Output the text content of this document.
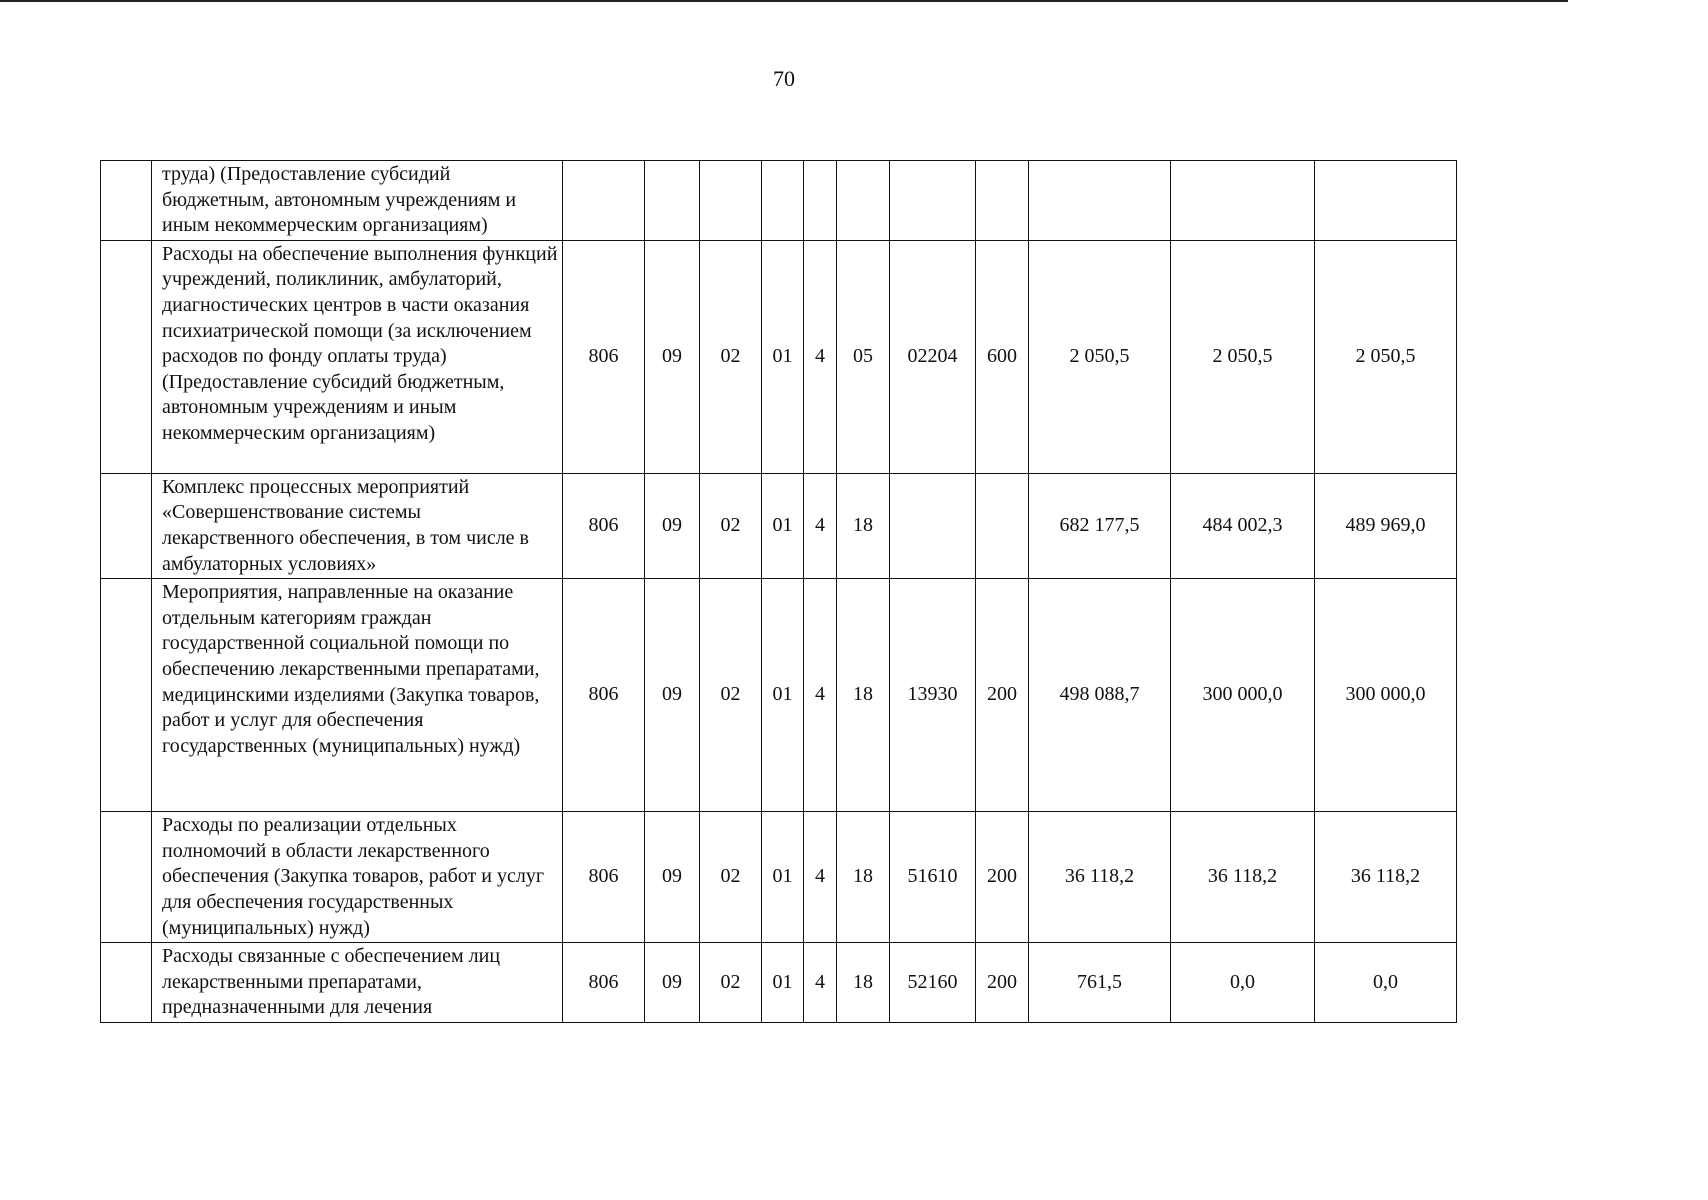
70
	труда) (Предоставление субсидий бюджетным, автономным учреждениям и иным некоммерческим организациям)											
	Расходы на обеспечение выполнения функций учреждений, поликлиник, амбулаторий, диагностических центров в части оказания психиатрической помощи (за исключением расходов по фонду оплаты труда) (Предоставление субсидий бюджетным, автономным учреждениям и иным некоммерческим организациям)	806	09	02	01	4	05	02204	600	2 050,5	2 050,5	2 050,5
	Комплекс процессных мероприятий «Совершенствование системы лекарственного обеспечения, в том числе в амбулаторных условиях»	806	09	02	01	4	18			682 177,5	484 002,3	489 969,0
	Мероприятия, направленные на оказание отдельным категориям граждан государственной социальной помощи по обеспечению лекарственными препаратами, медицинскими изделиями (Закупка товаров, работ и услуг для обеспечения государственных (муниципальных) нужд)	806	09	02	01	4	18	13930	200	498 088,7	300 000,0	300 000,0
	Расходы по реализации отдельных полномочий в области лекарственного обеспечения (Закупка товаров, работ и услуг для обеспечения государственных (муниципальных) нужд)	806	09	02	01	4	18	51610	200	36 118,2	36 118,2	36 118,2
	Расходы связанные с обеспечением лиц лекарственными препаратами, предназначенными для лечения	806	09	02	01	4	18	52160	200	761,5	0,0	0,0
